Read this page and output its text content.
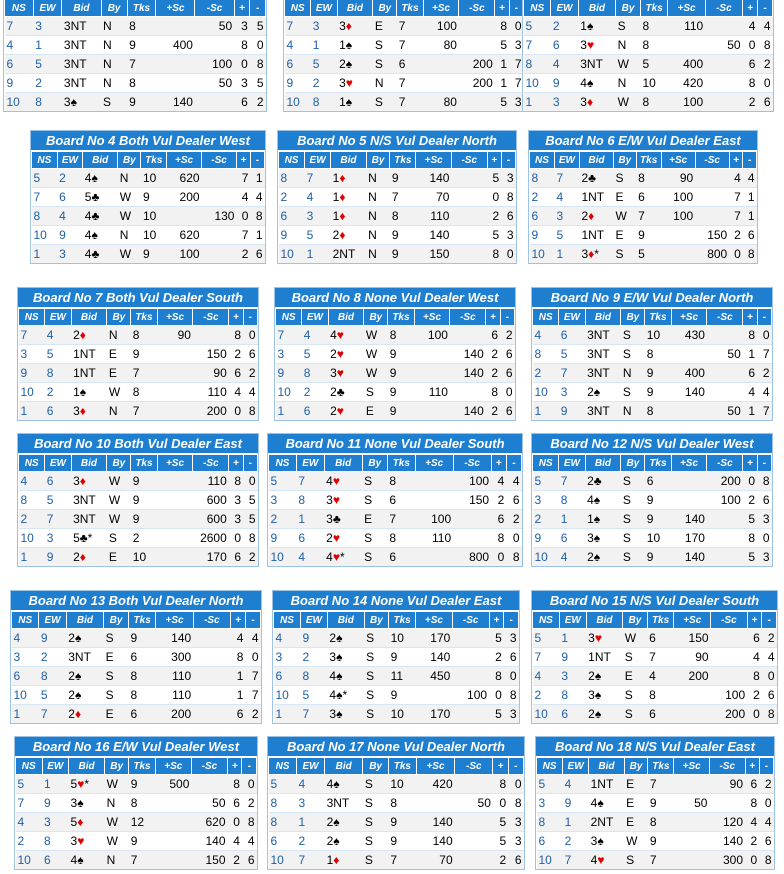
NS	EW	Bid	By	Tks	+Sc	-Sc	+	-
7	3	3NT	N	8		50	3	5
4	1	3NT	N	9	400		8	0
6	5	3NT	N	7		100	0	8
9	2	3NT	N	8		50	3	5
10	8	3♠	S	9	140		6	2
NS	EW	Bid	By	Tks	+Sc	-Sc	+	-
7	3	3♦	E	7	100		8	0
4	1	1♠	S	7	80		5	3
6	5	2♠	S	6		200	1	7
9	2	3♥	N	7		200	1	7
10	8	1♠	S	7	80		5	3
NS	EW	Bid	By	Tks	+Sc	-Sc	+	-
5	2	1♠	S	8	110		4	4
7	6	3♥	N	8		50	0	8
8	4	3NT	W	5	400		6	2
10	9	4♠	N	10	420		8	0
1	3	3♦	W	8	100		2	6
Board No 4 Both Vul Dealer West
NS	EW	Bid	By	Tks	+Sc	-Sc	+	-
5	2	4♠	N	10	620		7	1
7	6	5♣	W	9	200		4	4
8	4	4♣	W	10		130	0	8
10	9	4♠	N	10	620		7	1
1	3	4♣	W	9	100		2	6
Board No 5 N/S Vul Dealer North
NS	EW	Bid	By	Tks	+Sc	-Sc	+	-
8	7	1♦	N	9	140		5	3
2	4	1♦	N	7	70		0	8
6	3	1♦	N	8	110		2	6
9	5	2♦	N	9	140		5	3
10	1	2NT	N	9	150		8	0
Board No 6 E/W Vul Dealer East
NS	EW	Bid	By	Tks	+Sc	-Sc	+	-
8	7	2♣	S	8	90		4	4
2	4	1NT	E	6	100		7	1
6	3	2♦	W	7	100		7	1
9	5	1NT	E	9		150	2	6
10	1	3♦*	S	5		800	0	8
Board No 7 Both Vul Dealer South
NS	EW	Bid	By	Tks	+Sc	-Sc	+	-
7	4	2♦	N	8	90		8	0
3	5	1NT	E	9		150	2	6
9	8	1NT	E	7		90	6	2
10	2	1♠	W	8		110	4	4
1	6	3♦	N	7		200	0	8
Board No 8 None Vul Dealer West
NS	EW	Bid	By	Tks	+Sc	-Sc	+	-
7	4	4♥	W	8	100		6	2
3	5	2♥	W	9		140	2	6
9	8	3♥	W	9		140	2	6
10	2	2♣	S	9	110		8	0
1	6	2♥	E	9		140	2	6
Board No 9 E/W Vul Dealer North
NS	EW	Bid	By	Tks	+Sc	-Sc	+	-
4	6	3NT	S	10	430		8	0
8	5	3NT	S	8		50	1	7
2	7	3NT	N	9	400		6	2
10	3	2♠	S	9	140		4	4
1	9	3NT	N	8		50	1	7
Board No 10 Both Vul Dealer East
NS	EW	Bid	By	Tks	+Sc	-Sc	+	-
4	6	3♦	W	9		110	8	0
8	5	3NT	W	9		600	3	5
2	7	3NT	W	9		600	3	5
10	3	5♣*	S	2		2600	0	8
1	9	2♦	E	10		170	6	2
Board No 11 None Vul Dealer South
NS	EW	Bid	By	Tks	+Sc	-Sc	+	-
5	7	4♥	S	8		100	4	4
3	8	3♥	S	6		150	2	6
2	1	3♣	E	7	100		6	2
9	6	2♥	S	8	110		8	0
10	4	4♥*	S	6		800	0	8
Board No 12 N/S Vul Dealer West
NS	EW	Bid	By	Tks	+Sc	-Sc	+	-
5	7	2♣	S	6		200	0	8
3	8	4♠	S	9		100	2	6
2	1	1♠	S	9	140		5	3
9	6	3♠	S	10	170		8	0
10	4	2♠	S	9	140		5	3
Board No 13 Both Vul Dealer North
NS	EW	Bid	By	Tks	+Sc	-Sc	+	-
4	9	2♠	S	9	140		4	4
3	2	3NT	E	6	300		8	0
6	8	2♠	S	8	110		1	7
10	5	2♠	S	8	110		1	7
1	7	2♦	E	6	200		6	2
Board No 14 None Vul Dealer East
NS	EW	Bid	By	Tks	+Sc	-Sc	+	-
4	9	2♠	S	10	170		5	3
3	2	3♠	S	9	140		2	6
6	8	4♠	S	11	450		8	0
10	5	4♠*	S	9		100	0	8
1	7	3♠	S	10	170		5	3
Board No 15 N/S Vul Dealer South
NS	EW	Bid	By	Tks	+Sc	-Sc	+	-
5	1	3♥	W	6	150		6	2
7	9	1NT	S	7	90		4	4
4	3	2♠	E	4	200		8	0
2	8	3♠	S	8		100	2	6
10	6	2♠	S	6		200	0	8
Board No 16 E/W Vul Dealer West
NS	EW	Bid	By	Tks	+Sc	-Sc	+	-
5	1	5♥*	W	9	500		8	0
7	9	3♠	N	8		50	6	2
4	3	5♦	W	12		620	0	8
2	8	3♥	W	9		140	4	4
10	6	4♠	N	7		150	2	6
Board No 17 None Vul Dealer North
NS	EW	Bid	By	Tks	+Sc	-Sc	+	-
5	4	4♠	S	10	420		8	0
8	3	3NT	S	8		50	0	8
8	1	2♠	S	9	140		5	3
6	2	2♠	S	9	140		5	3
10	7	1♦	S	7	70		2	6
Board No 18 N/S Vul Dealer East
NS	EW	Bid	By	Tks	+Sc	-Sc	+	-
5	4	1NT	E	7		90	6	2
3	9	4♠	E	9	50		8	0
8	1	2NT	E	8		120	4	4
6	2	3♠	W	9		140	2	6
10	7	4♥	S	7		300	0	8
